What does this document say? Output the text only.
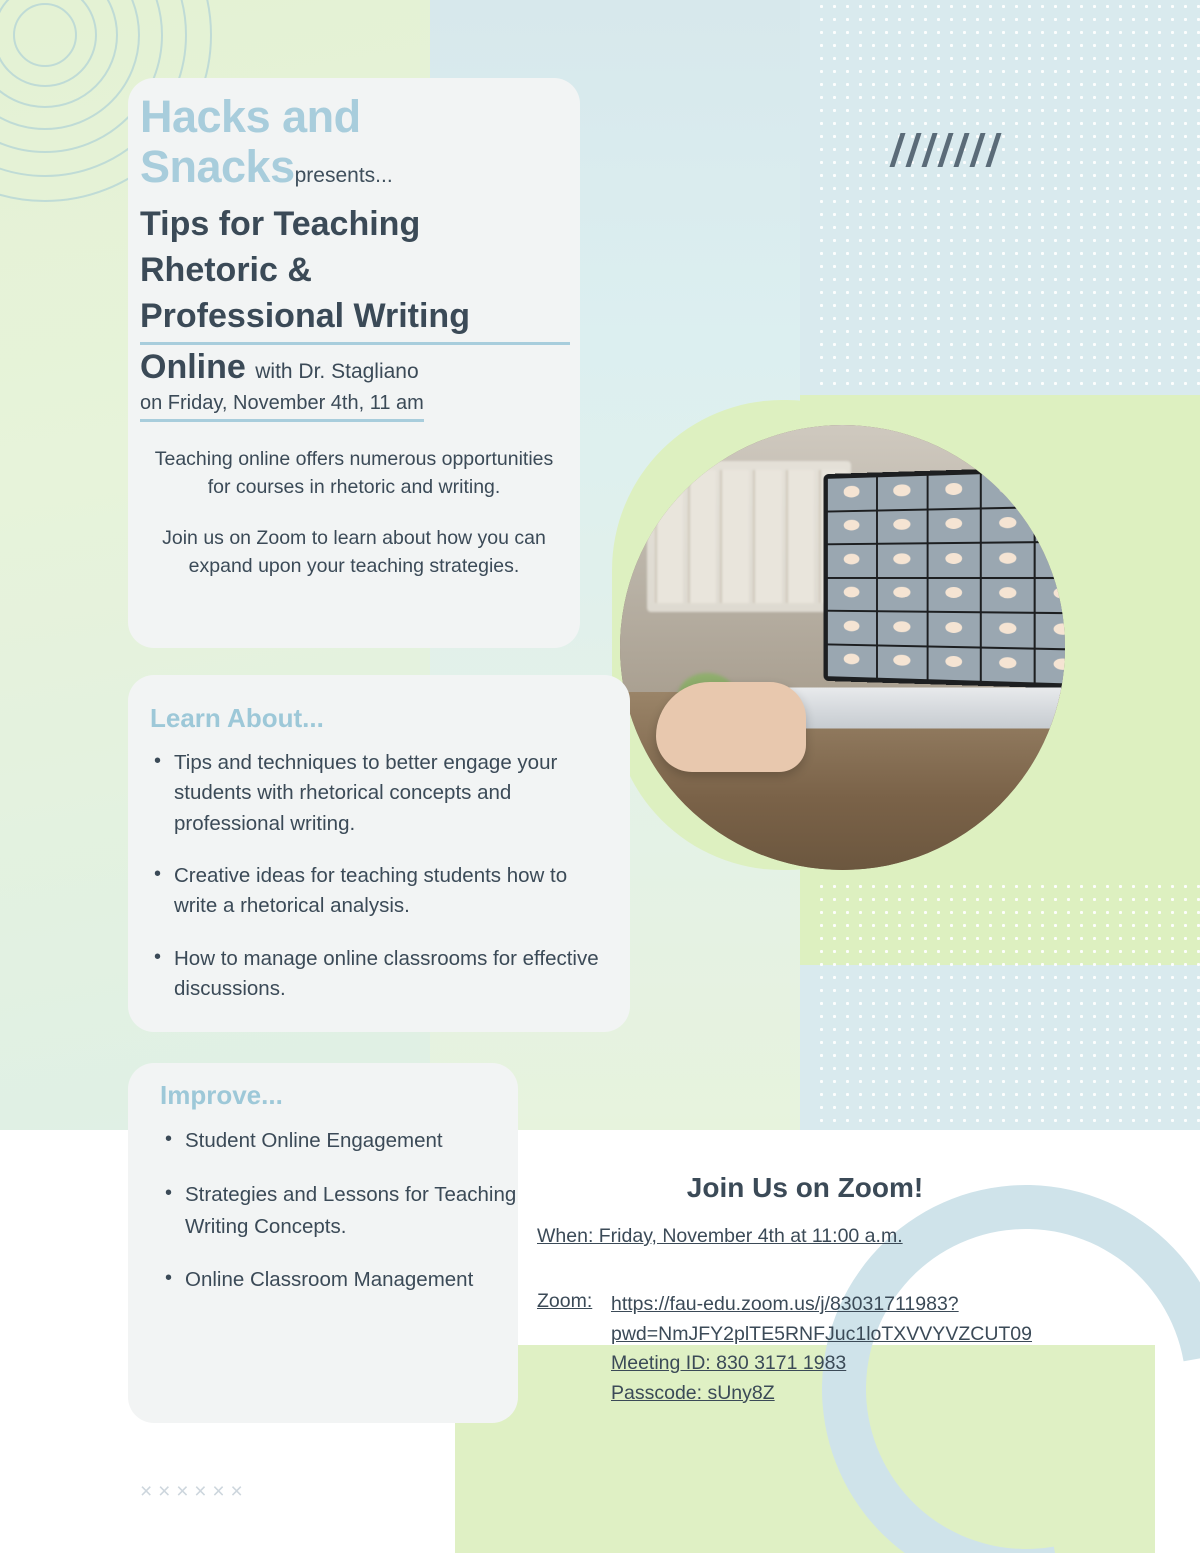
× × × × × ×
Hacks and Snackspresents...
Tips for Teaching
Rhetoric &
Professional Writing
Online with Dr. Stagliano
on Friday, November 4th, 11 am

Teaching online offers numerous opportunities for courses in rhetoric and writing.

Join us on Zoom to learn about how you can expand upon your teaching strategies.

Learn About...
• Tips and techniques to better engage your students with rhetorical concepts and professional writing.
• Creative ideas for teaching students how to write a rhetorical analysis.
• How to manage online classrooms for effective discussions.
Improve...
• Student Online Engagement
• Strategies and Lessons for Teaching Writing Concepts.
• Online Classroom Management
Join Us on Zoom!
When: Friday, November 4th at 11:00 a.m.
Zoom: https://fau-edu.zoom.us/j/83031711983?
pwd=NmJFY2plTE5RNFJuc1loTXVVYVZCUT09
Meeting ID: 830 3171 1983
Passcode: sUny8Z
